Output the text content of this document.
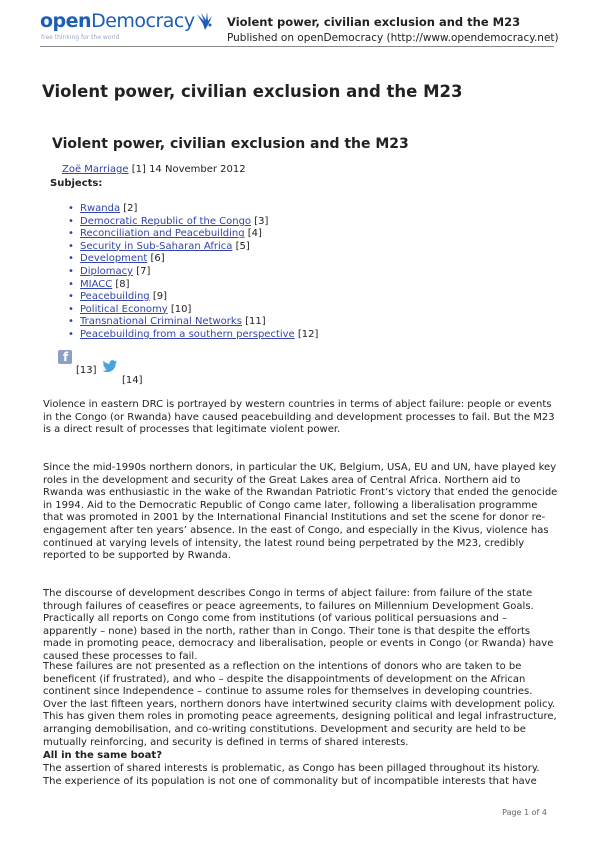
openDemocracy
free thinking for the world
Violent power, civilian exclusion and the M23
Published on openDemocracy (http://www.opendemocracy.net)
Violent power, civilian exclusion and the M23
Violent power, civilian exclusion and the M23
Zoë Marriage [1] 14 November 2012
Subjects:
• Rwanda [2]
• Democratic Republic of the Congo [3]
• Reconciliation and Peacebuilding [4]
• Security in Sub-Saharan Africa [5]
• Development [6]
• Diplomacy [7]
• MIACC [8]
• Peacebuilding [9]
• Political Economy [10]
• Transnational Criminal Networks [11]
• Peacebuilding from a southern perspective [12]
f
[13]
[14]

Violence in eastern DRC is portrayed by western countries in terms of abject failure: people or events in the Congo (or Rwanda) have caused peacebuilding and development processes to fail. But the M23 is a direct result of processes that legitimate violent power.

Since the mid-1990s northern donors, in particular the UK, Belgium, USA, EU and UN, have played key roles in the development and security of the Great Lakes area of Central Africa. Northern aid to Rwanda was enthusiastic in the wake of the Rwandan Patriotic Front’s victory that ended the genocide in 1994. Aid to the Democratic Republic of Congo came later, following a liberalisation programme that was promoted in 2001 by the International Financial Institutions and set the scene for donor re-engagement after ten years’ absence. In the east of Congo, and especially in the Kivus, violence has continued at varying levels of intensity, the latest round being perpetrated by the M23, credibly reported to be supported by Rwanda.

The discourse of development describes Congo in terms of abject failure: from failure of the state through failures of ceasefires or peace agreements, to failures on Millennium Development Goals. Practically all reports on Congo come from institutions (of various political persuasions and – apparently – none) based in the north, rather than in Congo. Their tone is that despite the efforts made in promoting peace, democracy and liberalisation, people or events in Congo (or Rwanda) have caused these processes to fail.

These failures are not presented as a reflection on the intentions of donors who are taken to be beneficent (if frustrated), and who – despite the disappointments of development on the African continent since Independence – continue to assume roles for themselves in developing countries. Over the last fifteen years, northern donors have intertwined security claims with development policy. This has given them roles in promoting peace agreements, designing political and legal infrastructure, arranging demobilisation, and co-writing constitutions. Development and security are held to be mutually reinforcing, and security is defined in terms of shared interests.

All in the same boat?

The assertion of shared interests is problematic, as Congo has been pillaged throughout its history. The experience of its population is not one of commonality but of incompatible interests that have

Page 1 of 4
